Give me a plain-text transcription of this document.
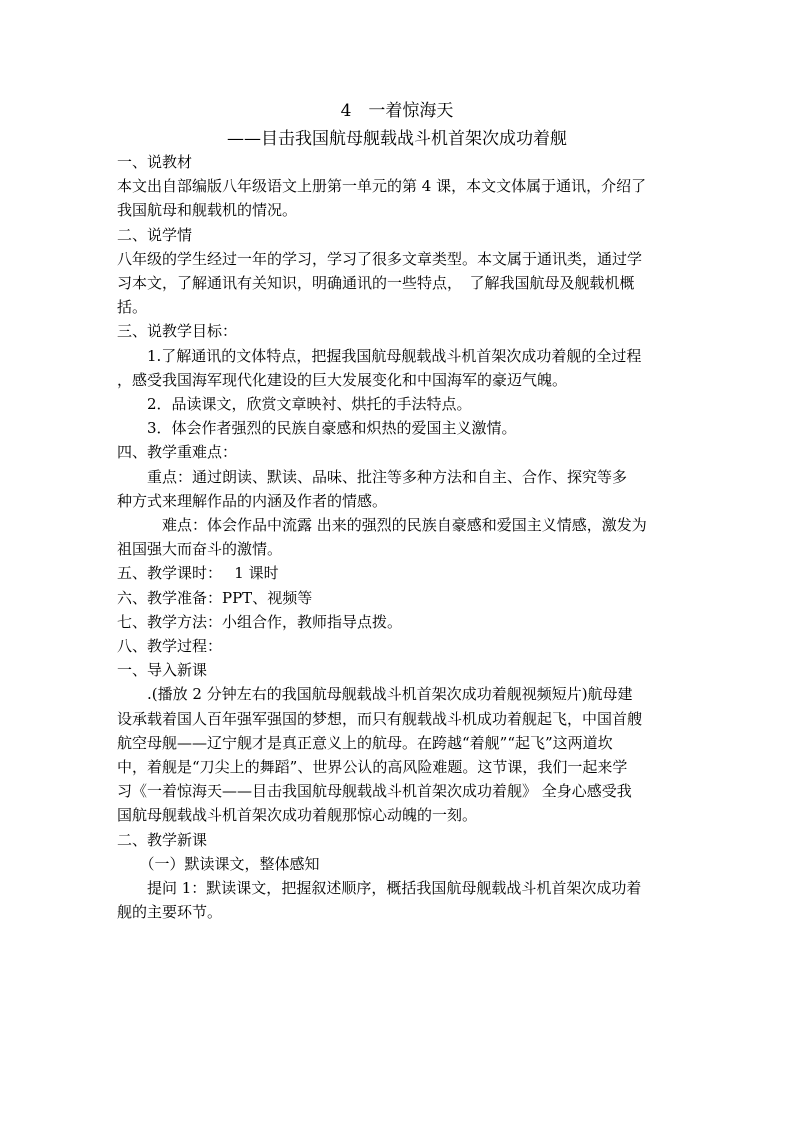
4　一着惊海天
——目击我国航母舰载战斗机首架次成功着舰
一、说教材
本文出自部编版八年级语文上册第一单元的第 4 课，本文文体属于通讯，介绍了
我国航母和舰载机的情况。
二、说学情
八年级的学生经过一年的学习，学习了很多文章类型。本文属于通讯类，通过学
习本文，了解通讯有关知识，明确通讯的一些特点，　了解我国航母及舰载机概
括。
三、说教学目标：
　　1.了解通讯的文体特点，把握我国航母舰载战斗机首架次成功着舰的全过程
，感受我国海军现代化建设的巨大发展变化和中国海军的豪迈气魄。
　　2．品读课文，欣赏文章映衬、烘托的手法特点。
　　3．体会作者强烈的民族自豪感和炽热的爱国主义激情。
四、教学重难点：
　　重点：通过朗读、默读、品味、批注等多种方法和自主、合作、探究等多
种方式来理解作品的内涵及作者的情感。
　　　难点：体会作品中流露 出来的强烈的民族自豪感和爱国主义情感，激发为
祖国强大而奋斗的激情。
五、教学课时：　 1 课时
六、教学准备：PPT、视频等
七、教学方法：小组合作，教师指导点拨。
八、教学过程：
一、导入新课
　　.(播放 2 分钟左右的我国航母舰载战斗机首架次成功着舰视频短片)航母建
设承载着国人百年强军强国的梦想，而只有舰载战斗机成功着舰起飞，中国首艘
航空母舰——辽宁舰才是真正意义上的航母。在跨越“着舰”“起飞”这两道坎
中，着舰是“刀尖上的舞蹈”、世界公认的高风险难题。这节课，我们一起来学
习《一着惊海天——目击我国航母舰载战斗机首架次成功着舰》 全身心感受我
国航母舰载战斗机首架次成功着舰那惊心动魄的一刻。
二、教学新课
　　（一）默读课文，整体感知
　　提问 1：默读课文，把握叙述顺序，概括我国航母舰载战斗机首架次成功着
舰的主要环节。
